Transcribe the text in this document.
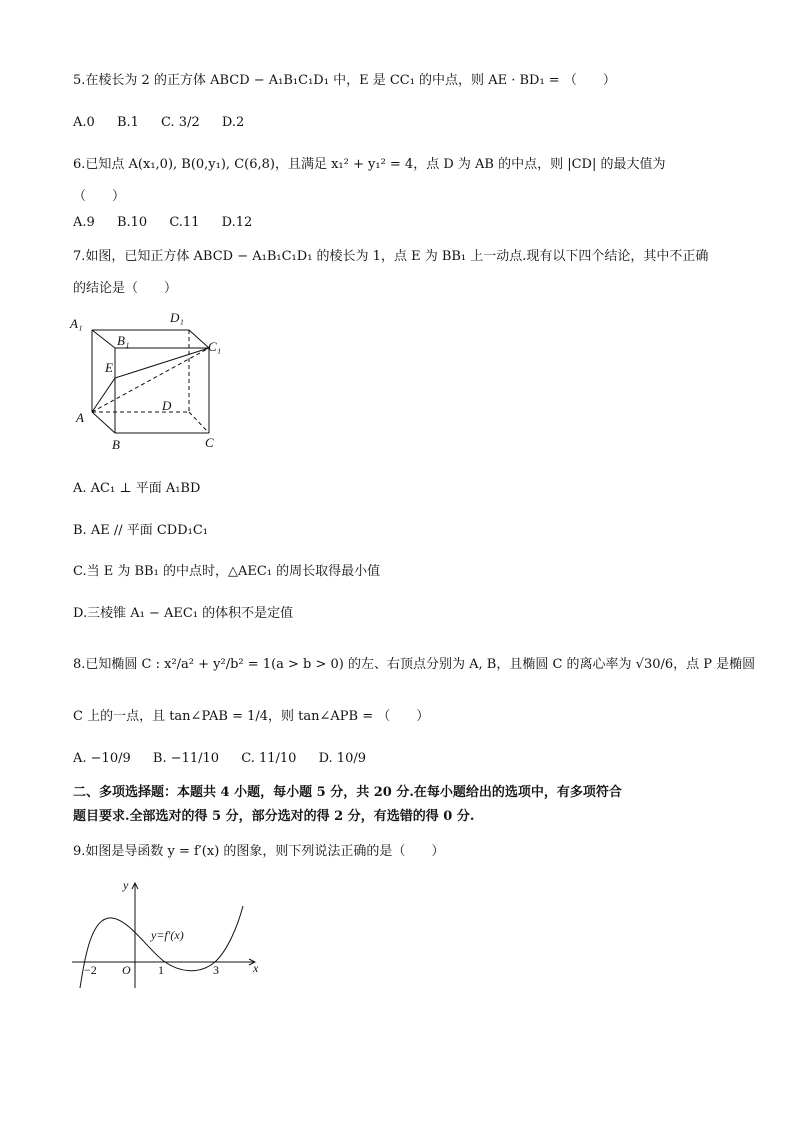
5.在棱长为 2 的正方体 ABCD − A₁B₁C₁D₁ 中，E 是 CC₁ 的中点，则 AE · BD₁ = （　　）
A.0 B.1 C. 3/2 D.2
6.已知点 A(x₁,0), B(0,y₁), C(6,8)，且满足 x₁² + y₁² = 4，点 D 为 AB 的中点，则 |CD| 的最大值为
（　　）
A.9 B.10 C.11 D.12
7.如图，已知正方体 ABCD − A₁B₁C₁D₁ 的棱长为 1，点 E 为 BB₁ 上一动点.现有以下四个结论，其中不正确
的结论是（　　）
A₁
B₁
D₁
C₁
E
D
A
B	C
A. AC₁ ⊥ 平面 A₁BD
B. AE // 平面 CDD₁C₁
C.当 E 为 BB₁ 的中点时，△AEC₁ 的周长取得最小值
D.三棱锥 A₁ − AEC₁ 的体积不是定值
8.已知椭圆 C : x²/a² + y²/b² = 1(a > b > 0) 的左、右顶点分别为 A, B，且椭圆 C 的离心率为 √30/6，点 P 是椭圆
C 上的一点，且 tan∠PAB = 1/4，则 tan∠APB = （　　）
A. −10/9 B. −11/10 C. 11/10 D. 10/9
二、多项选择题：本题共 4 小题，每小题 5 分，共 20 分.在每小题给出的选项中，有多项符合
题目要求.全部选对的得 5 分，部分选对的得 2 分，有选错的得 0 分.
9.如图是导函数 y = f′(x) 的图象，则下列说法正确的是（　　）
y
x
O
y=f′(x)
−2	1	3
